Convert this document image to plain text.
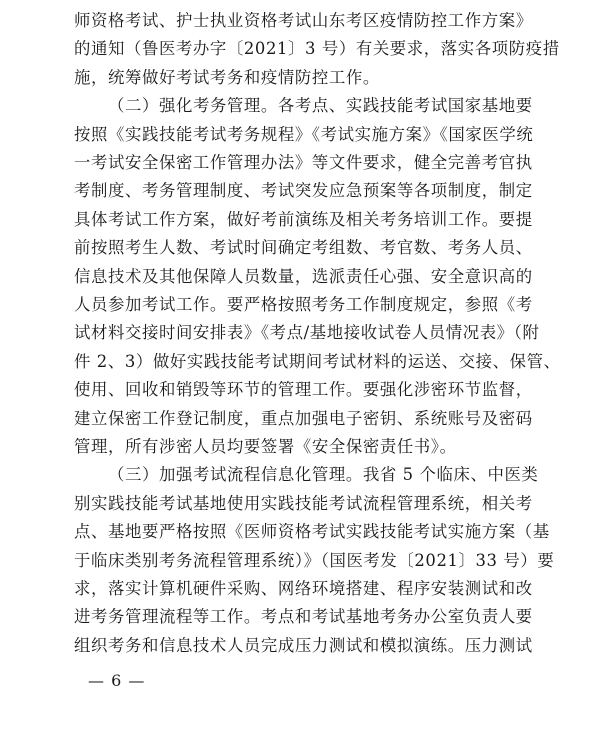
师资格考试、护士执业资格考试山东考区疫情防控工作方案》
的通知（鲁医考办字〔2021〕3 号）有关要求，落实各项防疫措
施，统筹做好考试考务和疫情防控工作。
（二）强化考务管理。各考点、实践技能考试国家基地要
按照《实践技能考试考务规程》《考试实施方案》《国家医学统
一考试安全保密工作管理办法》等文件要求，健全完善考官执
考制度、考务管理制度、考试突发应急预案等各项制度，制定
具体考试工作方案，做好考前演练及相关考务培训工作。要提
前按照考生人数、考试时间确定考组数、考官数、考务人员、
信息技术及其他保障人员数量，选派责任心强、安全意识高的
人员参加考试工作。要严格按照考务工作制度规定，参照《考
试材料交接时间安排表》《考点/基地接收试卷人员情况表》（附
件 2、3）做好实践技能考试期间考试材料的运送、交接、保管、
使用、回收和销毁等环节的管理工作。要强化涉密环节监督，
建立保密工作登记制度，重点加强电子密钥、系统账号及密码
管理，所有涉密人员均要签署《安全保密责任书》。
（三）加强考试流程信息化管理。我省 5 个临床、中医类
别实践技能考试基地使用实践技能考试流程管理系统，相关考
点、基地要严格按照《医师资格考试实践技能考试实施方案（基
于临床类别考务流程管理系统）》（国医考发〔2021〕33 号）要
求，落实计算机硬件采购、网络环境搭建、程序安装测试和改
进考务管理流程等工作。考点和考试基地考务办公室负责人要
组织考务和信息技术人员完成压力测试和模拟演练。压力测试
— 6 —
